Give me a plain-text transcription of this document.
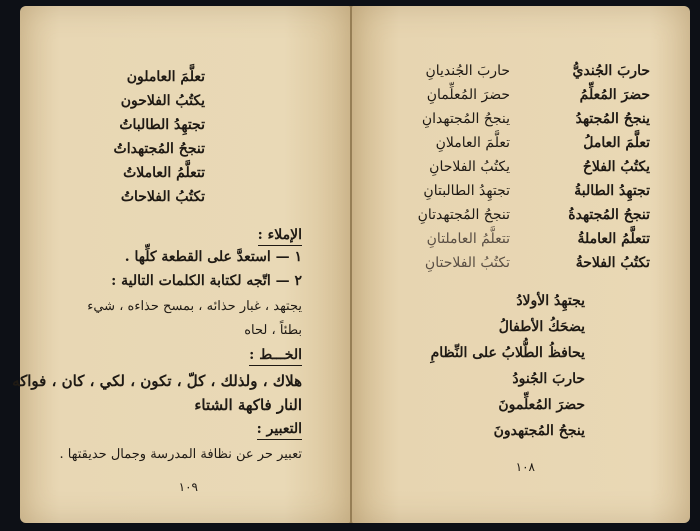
تعلَّمَ العاملون
يكتُبُ الفلاحون
تجتهِدُ الطالباتُ
تنجحُ المُجتهداتُ
تتعلَّمُ العاملاتُ
تكتُبُ الفلاحاتُ
الإملاء :
١ — استعدَّ على القطعة كلِّها .
٢ — اتّجه لكتابة الكلمات التالية :
يجتهد ، غبار حذائه ، بمسح حذاءه ، شيء
بطئاً ، لحاه
الخـــط :
هلاك ، ولذلك ، كلّ ، تكون ، لكي ، كان ، فواكه
النار فاكهة الشتاء
التعبير :
تعبير حر عن نظافة المدرسة وجمال حديقتها .
١٠٩
حاربَ الجُنديُّ
حضرَ المُعلِّمُ
ينجحُ المُجتهدُ
تعلَّمَ العاملُ
يكتُبُ الفلاحُ
تجتهِدُ الطالبةُ
تنجحُ المُجتهدةُ
تتعلَّمُ العاملةُ
تكتُبُ الفلاحةُ
حاربَ الجُنديانِ
حضرَ المُعلِّمانِ
ينجحُ المُجتهدانِ
تعلَّمَ العاملانِ
يكتُبُ الفلاحانِ
تجتهِدُ الطالبتانِ
تنجحُ المُجتهدتانِ
تتعلَّمُ العاملتانِ
تكتُبُ الفلاحتانِ
يجتهِدُ الأولادُ
يضحَكُ الأطفالُ
يحافظُ الطُّلابُ على النِّظامِ
حاربَ الجُنودُ
حضرَ المُعلِّمونَ
ينجحُ المُجتهدونَ
١٠٨
